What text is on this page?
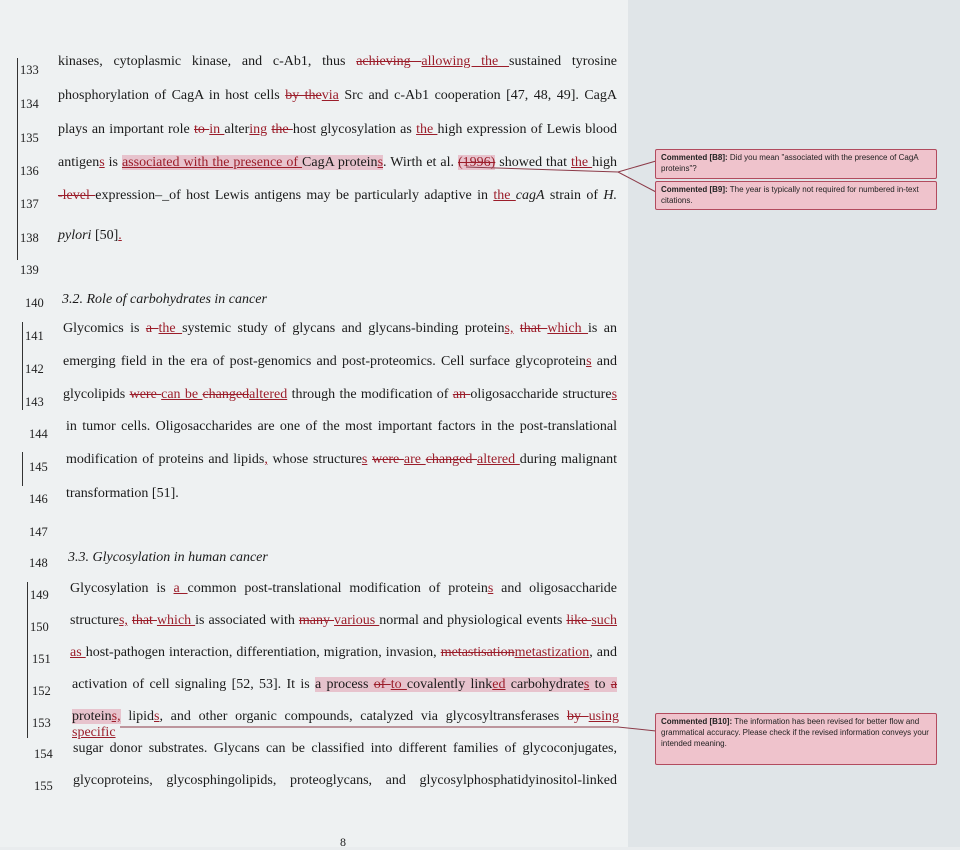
133
134
135
136
137
138
139
140
141
142
143
144
145
146
147
148
149
150
151
152
153
154
155
kinases, cytoplasmic kinase, and c-Ab1, thus achieving allowing the sustained tyrosine
phosphorylation of CagA in host cells by thevia Src and c-Ab1 cooperation [47, 48, 49]. CagA
plays an important role to in altering the host glycosylation as the high expression of Lewis blood
antigens is associated with the presence of CagA proteins. Wirth et al. (1996) showed that the high
-level expression–_of host Lewis antigens may be particularly adaptive in the cagA strain of H.
pylori [50].
3.2. Role of carbohydrates in cancer
Glycomics is a the systemic study of glycans and glycans-binding proteins, that which is an
emerging field in the era of post-genomics and post-proteomics. Cell surface glycoproteins and
glycolipids were can be changedaltered through the modification of an oligosaccharide structures
in tumor cells. Oligosaccharides are one of the most important factors in the post-translational
modification of proteins and lipids, whose structures were are changed altered during malignant
transformation [51].
3.3. Glycosylation in human cancer
Glycosylation is a common post-translational modification of proteins and oligosaccharide
structures, that which is associated with many various normal and physiological events like such
as host-pathogen interaction, differentiation, migration, invasion, metastisationmetastization, and
activation of cell signaling [52, 53]. It is a process of to covalently linked carbohydrates to a
proteins, lipids, and other organic compounds, catalyzed via glycosyltransferases by using specific
sugar donor substrates. Glycans can be classified into different families of glycoconjugates,
glycoproteins, glycosphingolipids, proteoglycans, and glycosylphosphatidyinositol-linked
8
Commented [B8]: Did you mean "associated with the presence of CagA proteins"?
Commented [B9]: The year is typically not required for numbered in-text citations.
Commented [B10]: The information has been revised for better flow and grammatical accuracy. Please check if the revised information conveys your intended meaning.
